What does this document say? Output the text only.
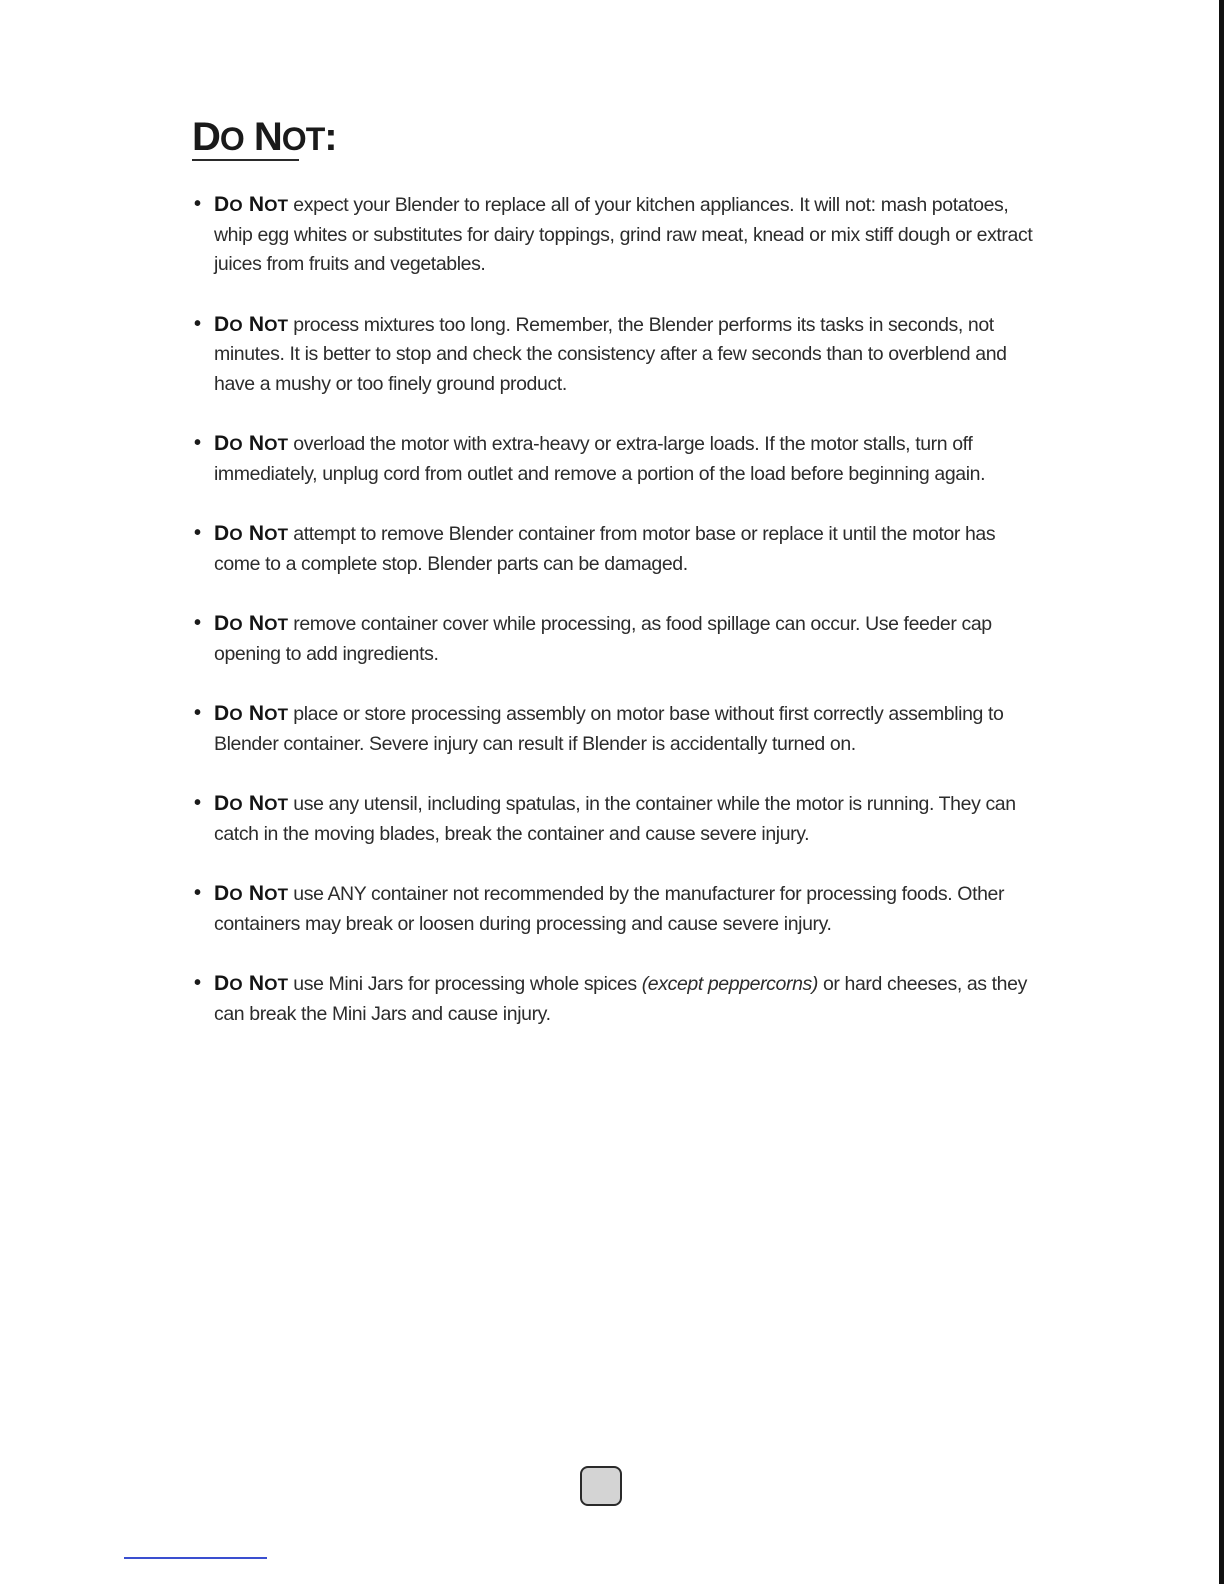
DO NOT:
• DO NOT expect your Blender to replace all of your kitchen appliances. It will not: mash potatoes, whip egg whites or substitutes for dairy toppings, grind raw meat, knead or mix stiff dough or extract juices from fruits and vegetables.
• DO NOT process mixtures too long. Remember, the Blender performs its tasks in seconds, not minutes. It is better to stop and check the consistency after a few seconds than to overblend and have a mushy or too finely ground product.
• DO NOT overload the motor with extra-heavy or extra-large loads. If the motor stalls, turn off immediately, unplug cord from outlet and remove a portion of the load before beginning again.
• DO NOT attempt to remove Blender container from motor base or replace it until the motor has come to a complete stop. Blender parts can be damaged.
• DO NOT remove container cover while processing, as food spillage can occur. Use feeder cap opening to add ingredients.
• DO NOT place or store processing assembly on motor base without first correctly assembling to Blender container. Severe injury can result if Blender is accidentally turned on.
• DO NOT use any utensil, including spatulas, in the container while the motor is running. They can catch in the moving blades, break the container and cause severe injury.
• DO NOT use ANY container not recommended by the manufacturer for processing foods. Other containers may break or loosen during processing and cause severe injury.
• DO NOT use Mini Jars for processing whole spices (except peppercorns) or hard cheeses, as they can break the Mini Jars and cause injury.
